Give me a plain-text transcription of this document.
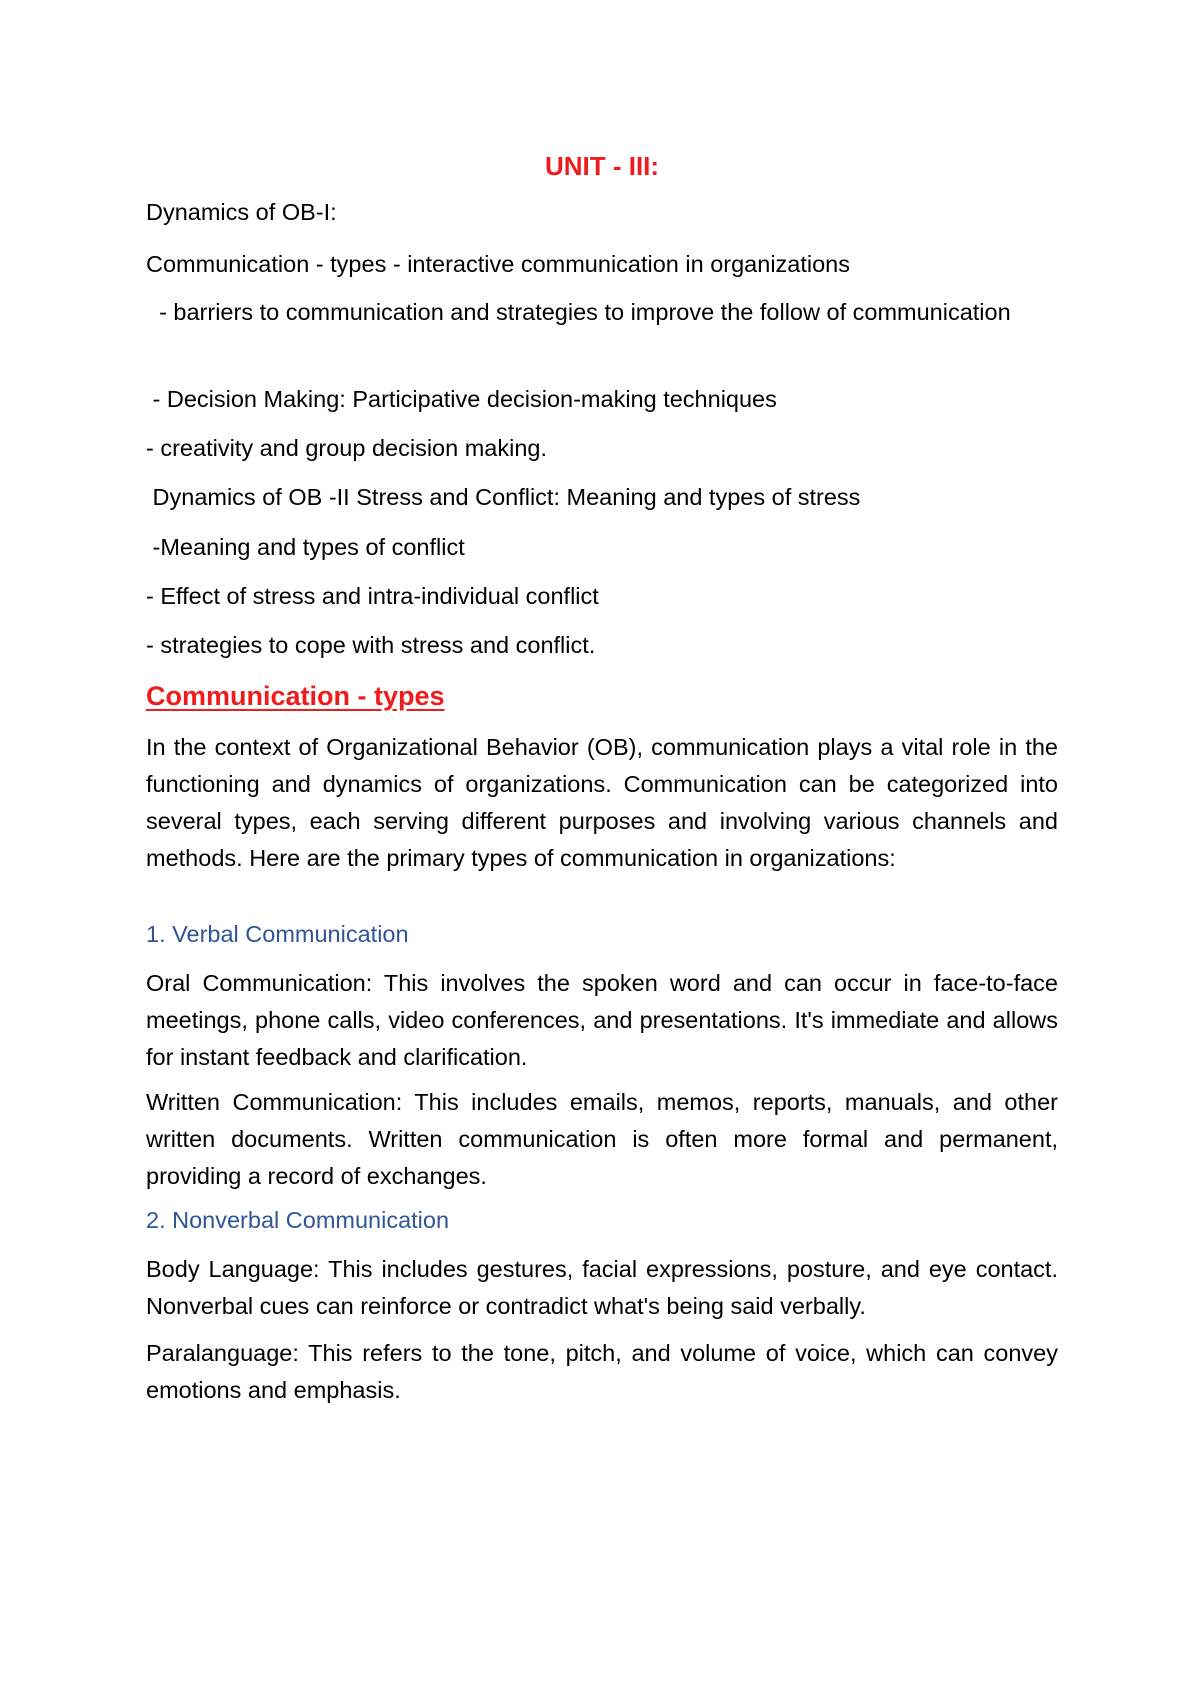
UNIT - III:
Dynamics of OB-I:
Communication - types - interactive communication in organizations
- barriers to communication and strategies to improve the follow of communication
- Decision Making: Participative decision-making techniques
- creativity and group decision making.
Dynamics of OB -II Stress and Conflict: Meaning and types of stress
-Meaning and types of conflict
- Effect of stress and intra-individual conflict
- strategies to cope with stress and conflict.
Communication - types
In the context of Organizational Behavior (OB), communication plays a vital role in the functioning and dynamics of organizations. Communication can be categorized into several types, each serving different purposes and involving various channels and methods. Here are the primary types of communication in organizations:
1. Verbal Communication
Oral Communication: This involves the spoken word and can occur in face-to-face meetings, phone calls, video conferences, and presentations. It's immediate and allows for instant feedback and clarification.
Written Communication: This includes emails, memos, reports, manuals, and other written documents. Written communication is often more formal and permanent, providing a record of exchanges.
2. Nonverbal Communication
Body Language: This includes gestures, facial expressions, posture, and eye contact. Nonverbal cues can reinforce or contradict what's being said verbally.
Paralanguage: This refers to the tone, pitch, and volume of voice, which can convey emotions and emphasis.
